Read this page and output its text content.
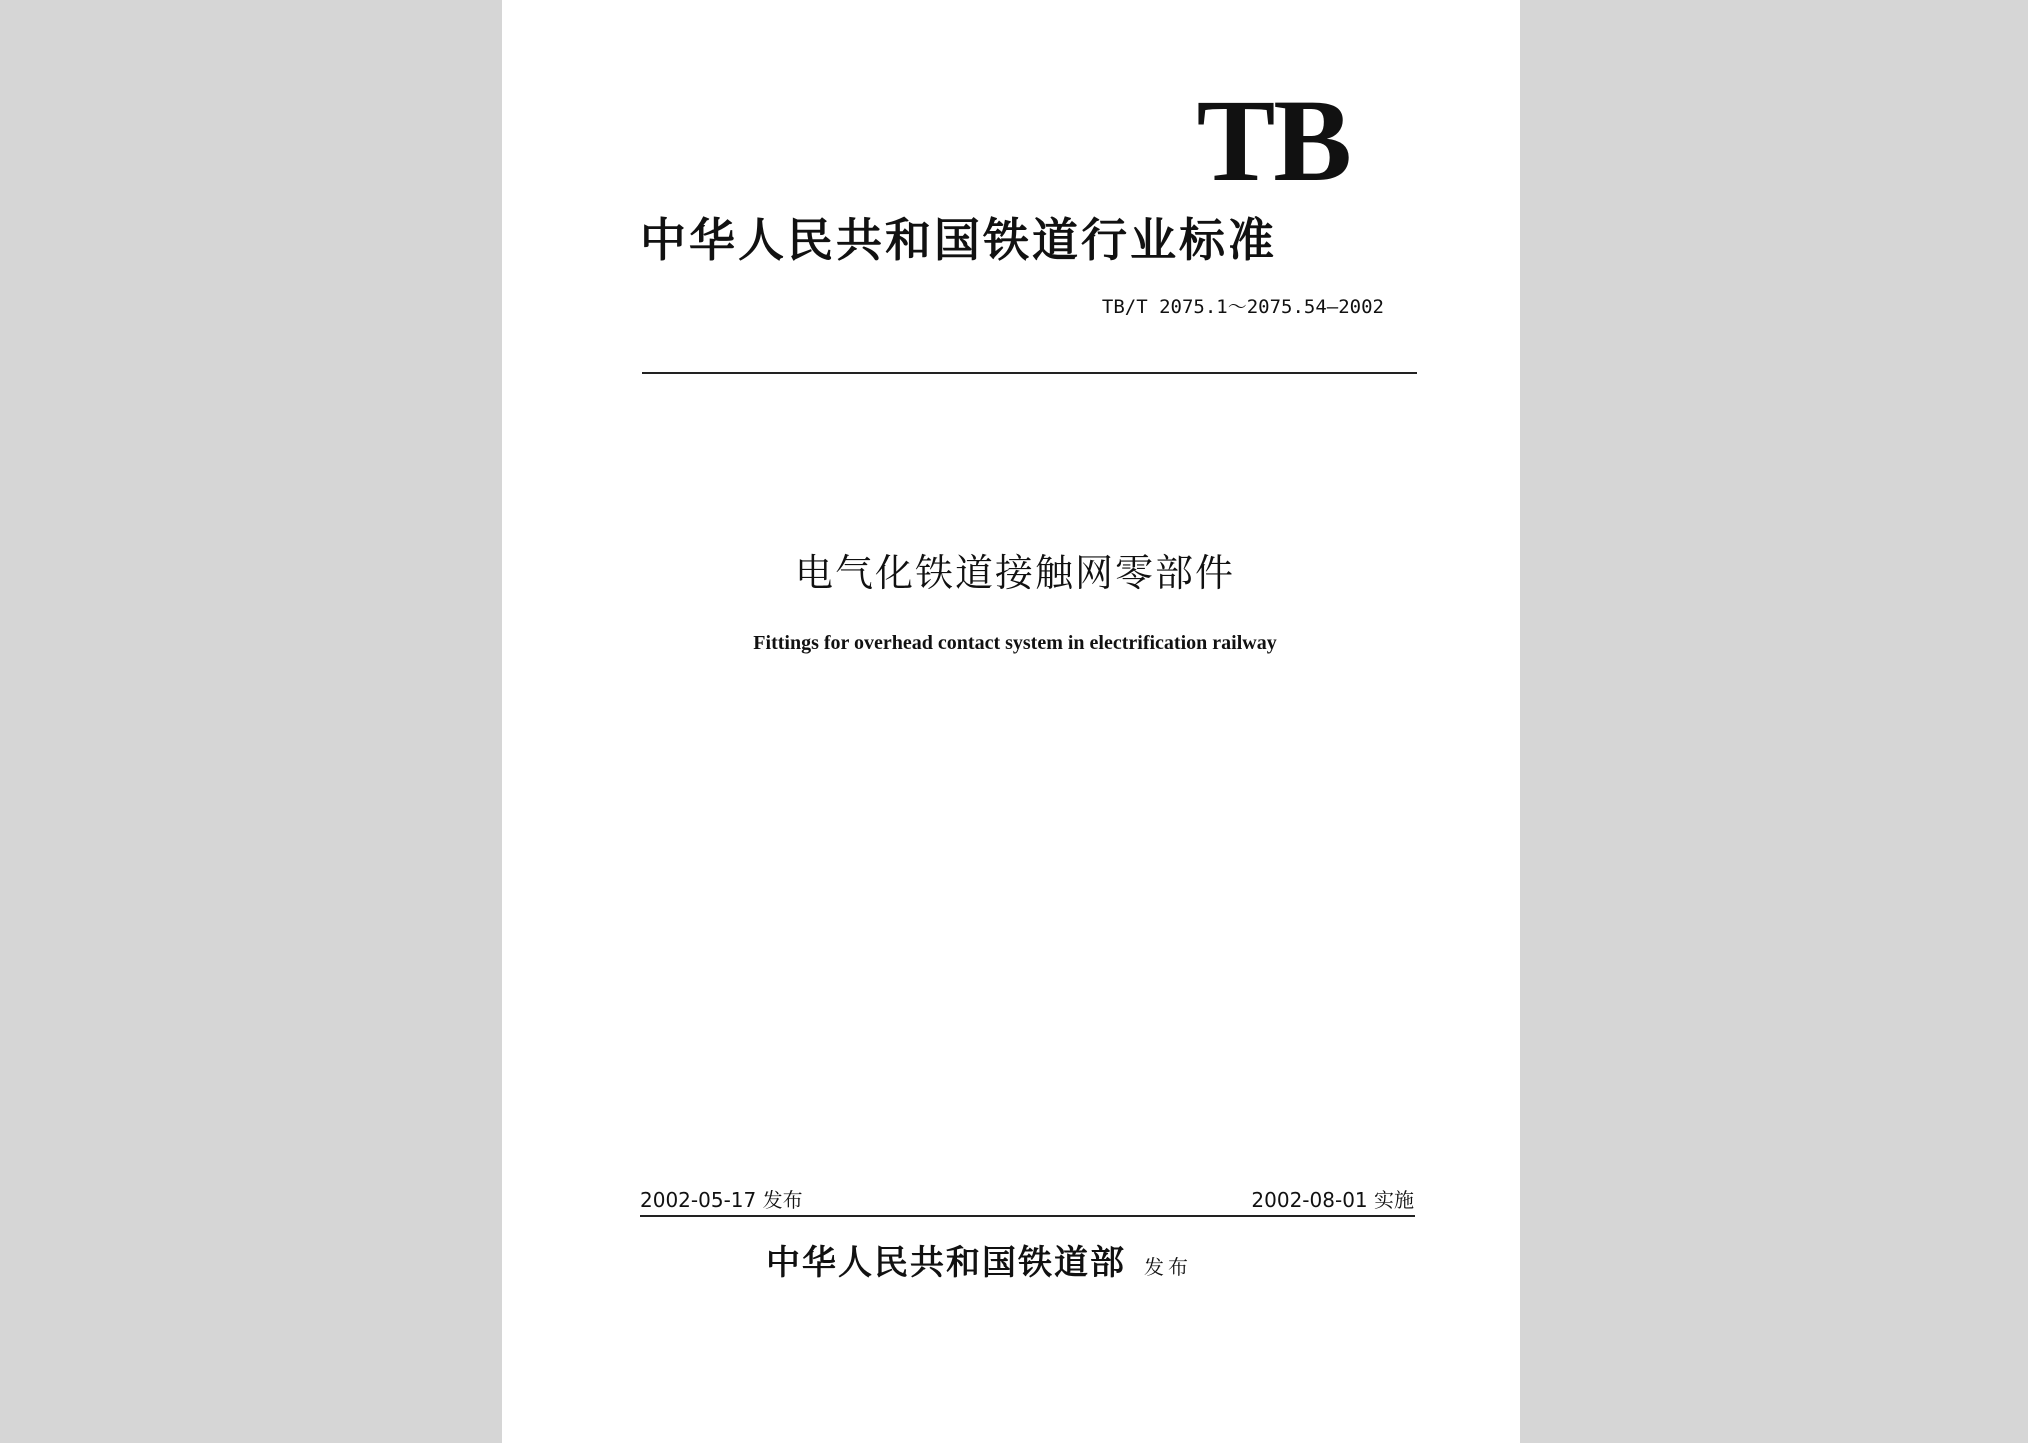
TB
中华人民共和国铁道行业标准
TB/T 2075.1～2075.54—2002
电气化铁道接触网零部件
Fittings for overhead contact system in electrification railway
2002-05-17 发布	2002-08-01 实施
中华人民共和国铁道部 发布
